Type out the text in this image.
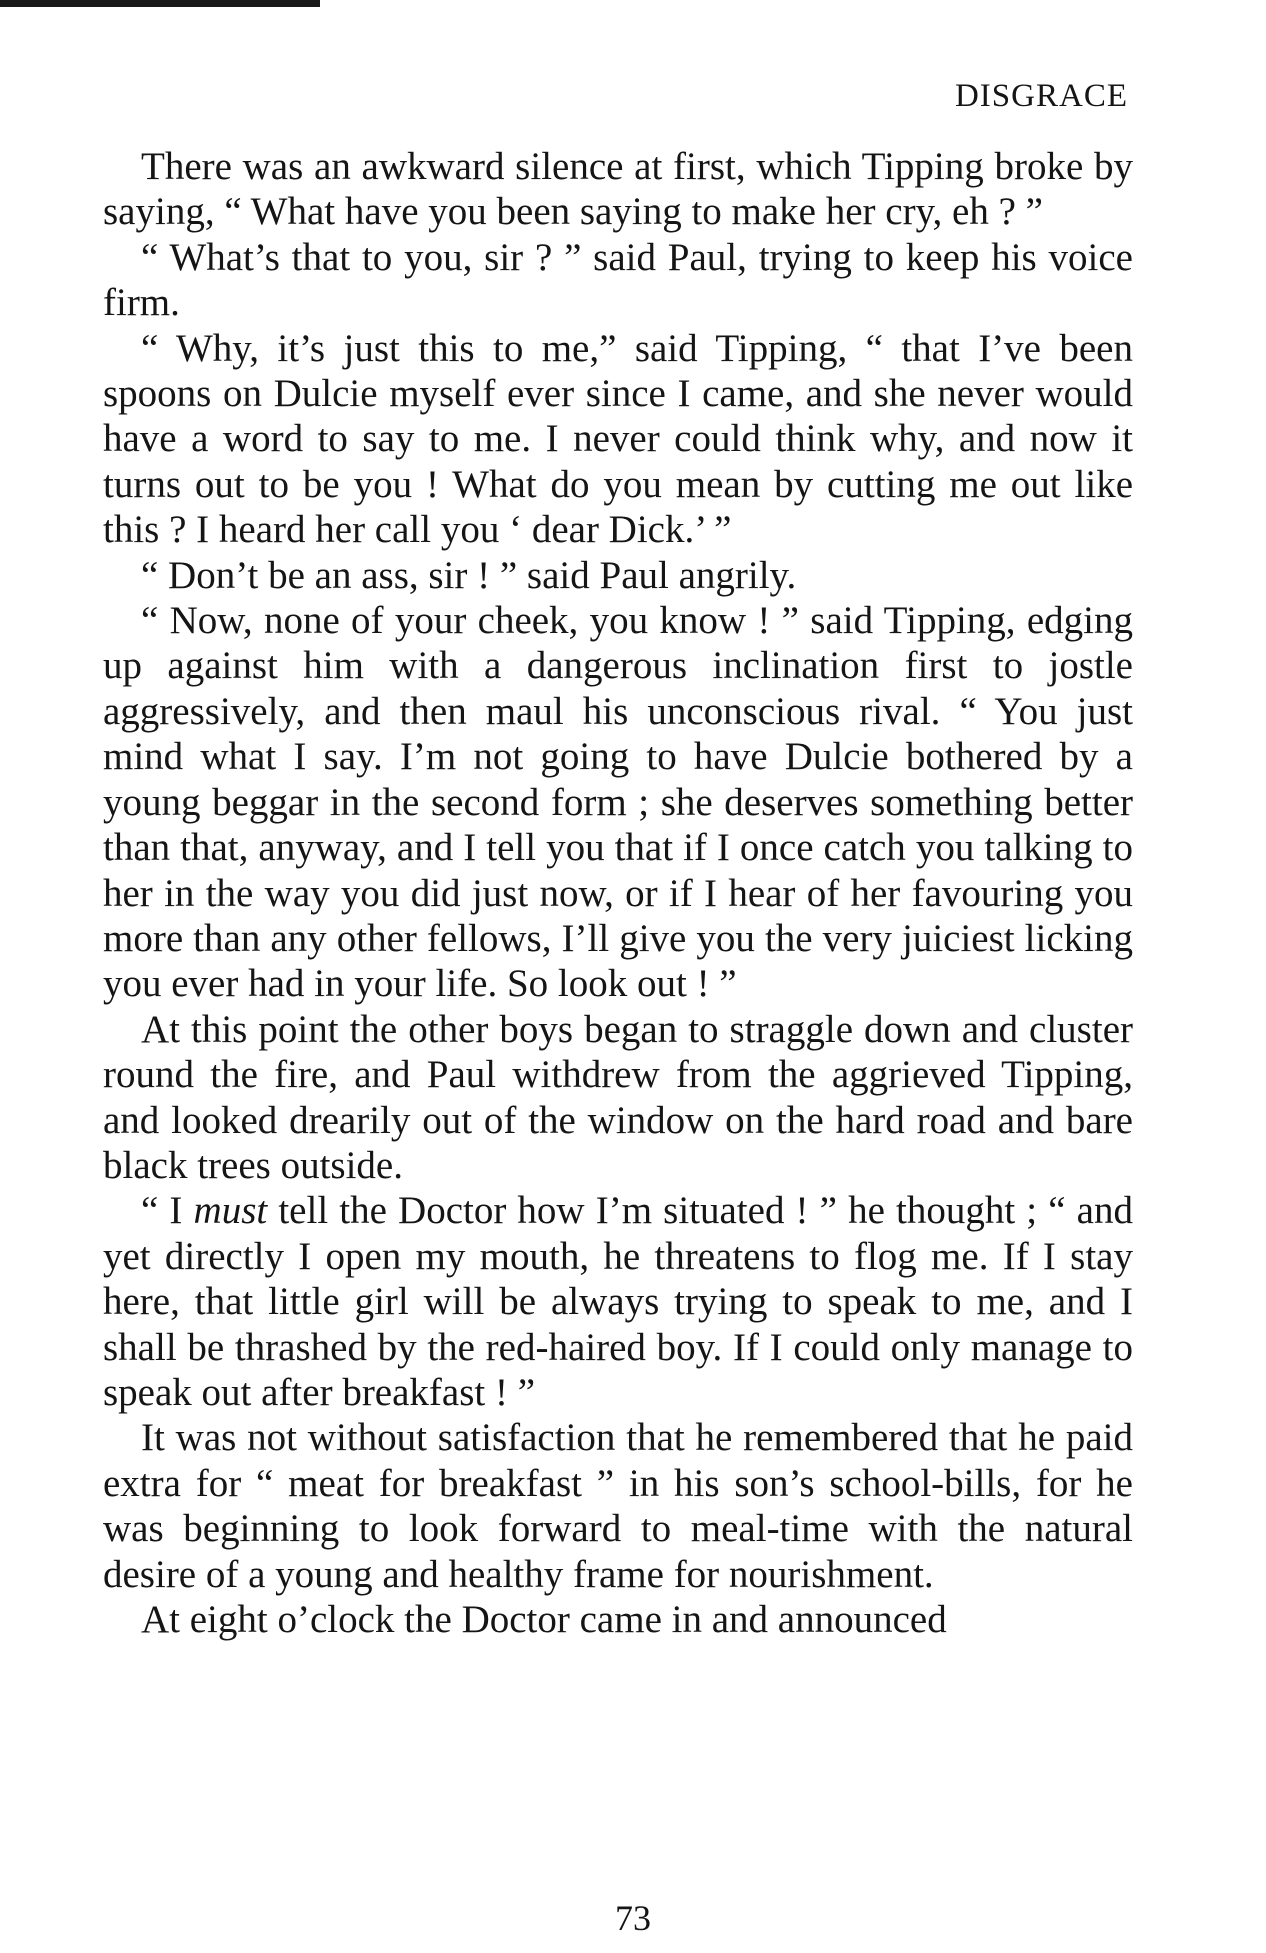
DISGRACE

There was an awkward silence at first, which Tipping broke by saying, “ What have you been saying to make her cry, eh ? ”

“ What’s that to you, sir ? ” said Paul, trying to keep his voice firm.

“ Why, it’s just this to me,” said Tipping, “ that I’ve been spoons on Dulcie myself ever since I came, and she never would have a word to say to me. I never could think why, and now it turns out to be you ! What do you mean by cutting me out like this ? I heard her call you ‘ dear Dick.’ ”

“ Don’t be an ass, sir ! ” said Paul angrily.

“ Now, none of your cheek, you know ! ” said Tipping, edging up against him with a dangerous inclination first to jostle aggressively, and then maul his unconscious rival. “ You just mind what I say. I’m not going to have Dulcie bothered by a young beggar in the second form ; she deserves something better than that, anyway, and I tell you that if I once catch you talking to her in the way you did just now, or if I hear of her favouring you more than any other fellows, I’ll give you the very juiciest licking you ever had in your life. So look out ! ”

At this point the other boys began to straggle down and cluster round the fire, and Paul withdrew from the aggrieved Tipping, and looked drearily out of the window on the hard road and bare black trees outside.

“ I must tell the Doctor how I’m situated ! ” he thought ; “ and yet directly I open my mouth, he threatens to flog me. If I stay here, that little girl will be always trying to speak to me, and I shall be thrashed by the red-haired boy. If I could only manage to speak out after breakfast ! ”

It was not without satisfaction that he remembered that he paid extra for “ meat for breakfast ” in his son’s school-bills, for he was beginning to look forward to meal-time with the natural desire of a young and healthy frame for nourishment.

At eight o’clock the Doctor came in and announced

73
